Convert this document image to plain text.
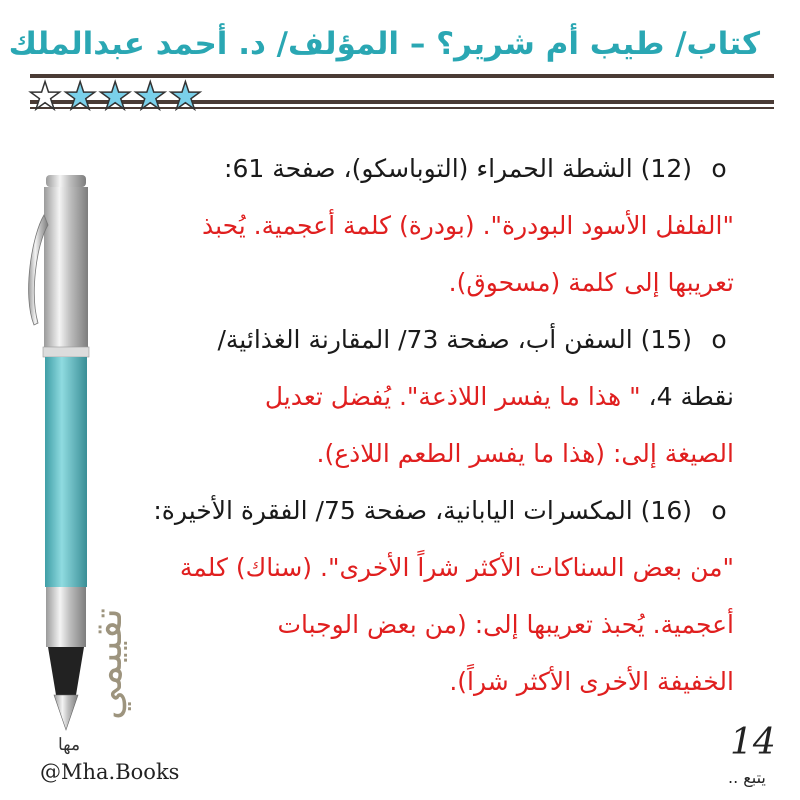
كتاب/ طيب أم شرير؟ – المؤلف/ د. أحمد عبدالملك
★ ★ ★ ★ ★
o(12) الشطة الحمراء (التوباسكو)، صفحة 61:
"الفلفل الأسود البودرة". (بودرة) كلمة أعجمية. يُحبذ
تعريبها إلى كلمة (مسحوق).
o(15) السفن أب، صفحة 73/ المقارنة الغذائية/
نقطة 4، " هذا ما يفسر اللاذعة". يُفضل تعديل
الصيغة إلى: (هذا ما يفسر الطعم اللاذع).
o(16) المكسرات اليابانية، صفحة 75/ الفقرة الأخيرة:
"من بعض السناكات الأكثر شراً الأخرى". (سناك) كلمة
أعجمية. يُحبذ تعريبها إلى: (من بعض الوجبات
الخفيفة الأخرى الأكثر شراً).
تقييمي
مها
@Mha.Books
14
يتبع ..
